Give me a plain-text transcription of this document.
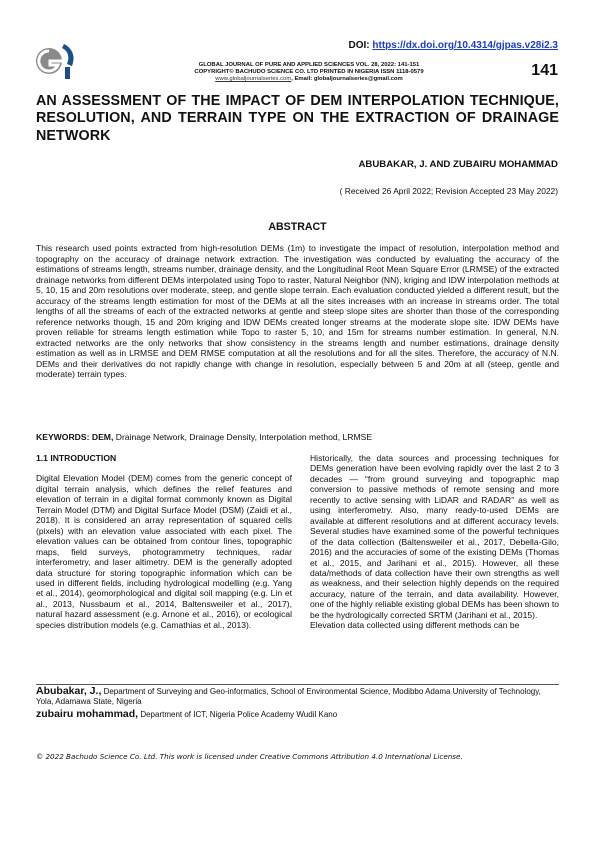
DOI: https://dx.doi.org/10.4314/gjpas.v28i2.3
GLOBAL JOURNAL OF PURE AND APPLIED SCIENCES VOL. 28, 2022: 141-151
COPYRIGHT© BACHUDO SCIENCE CO. LTD PRINTED IN NIGERIA ISSN 1118-0579
www.globaljournalseries.com, Email: globaljournalseries@gmail.com	141
AN ASSESSMENT OF THE IMPACT OF DEM INTERPOLATION TECHNIQUE, RESOLUTION, AND TERRAIN TYPE ON THE EXTRACTION OF DRAINAGE NETWORK
ABUBAKAR, J. AND ZUBAIRU MOHAMMAD
( Received 26 April 2022; Revision Accepted 23 May 2022)
ABSTRACT
This research used points extracted from high-resolution DEMs (1m) to investigate the impact of resolution, interpolation method and topography on the accuracy of drainage network extraction. The investigation was conducted by evaluating the accuracy of the estimations of streams length, streams number, drainage density, and the Longitudinal Root Mean Square Error (LRMSE) of the extracted drainage networks from different DEMs interpolated using Topo to raster, Natural Neighbor (NN), kriging and IDW interpolation methods at 5, 10, 15 and 20m resolutions over moderate, steep, and gentle slope terrain. Each evaluation conducted yielded a different result, but the accuracy of the streams length estimation for most of the DEMs at all the sites increases with an increase in streams order. The total lengths of all the streams of each of the extracted networks at gentle and steep slope sites are shorter than those of the corresponding reference networks though, 15 and 20m kriging and IDW DEMs created longer streams at the moderate slope site. IDW DEMs have proven reliable for streams length estimation while Topo to raster 5, 10, and 15m for streams number estimation. In general, N.N. extracted networks are the only networks that show consistency in the streams length and number estimations, drainage density estimation as well as in LRMSE and DEM RMSE computation at all the resolutions and for all the sites. Therefore, the accuracy of N.N. DEMs and their derivatives do not rapidly change with change in resolution, especially between 5 and 20m at all (steep, gentle and moderate) terrain types.
KEYWORDS: DEM, Drainage Network, Drainage Density, Interpolation method, LRMSE
1.1 INTRODUCTION
Digital Elevation Model (DEM) comes from the generic concept of digital terrain analysis, which defines the relief features and elevation of terrain in a digital format commonly known as Digital Terrain Model (DTM) and Digital Surface Model (DSM) (Zaidi et al., 2018). It is considered an array representation of squared cells (pixels) with an elevation value associated with each pixel. The elevation values can be obtained from contour lines, topographic maps, field surveys, photogrammetry techniques, radar interferometry, and laser altimetry. DEM is the generally adopted data structure for storing topographic information which can be used in different fields, including hydrological modelling (e.g. Yang et al., 2014), geomorphological and digital soil mapping (e.g. Lin et al., 2013, Nussbaum et al., 2014, Baltensweiler et al., 2017), natural hazard assessment (e.g. Arnone et al., 2016), or ecological species distribution models (e.g. Camathias et al., 2013).
Historically, the data sources and processing techniques for DEMs generation have been evolving rapidly over the last 2 to 3 decades — “from ground surveying and topographic map conversion to passive methods of remote sensing and more recently to active sensing with LiDAR and RADAR” as well as using interferometry. Also, many ready-to-used DEMs are available at different resolutions and at different accuracy levels. Several studies have examined some of the powerful techniques of the data collection (Baltensweiler et al., 2017, Debella-Gilo, 2016) and the accuracies of some of the existing DEMs (Thomas et al., 2015, and Jarihani et al., 2015). However, all these data/methods of data collection have their own strengths as well as weakness, and their selection highly depends on the required accuracy, nature of the terrain, and data availability. However, one of the highly reliable existing global DEMs has been shown to be the hydrologically corrected SRTM (Jarihani et al., 2015).
Elevation data collected using different methods can be
Abubakar, J., Department of Surveying and Geo-informatics, School of Environmental Science, Modibbo Adama University of Technology, Yola, Adamawa State, Nigeria
zubairu mohammad, Department of ICT, Nigeria Police Academy Wudil Kano
© 2022 Bachudo Science Co. Ltd. This work is licensed under Creative Commons Attribution 4.0 International License.
